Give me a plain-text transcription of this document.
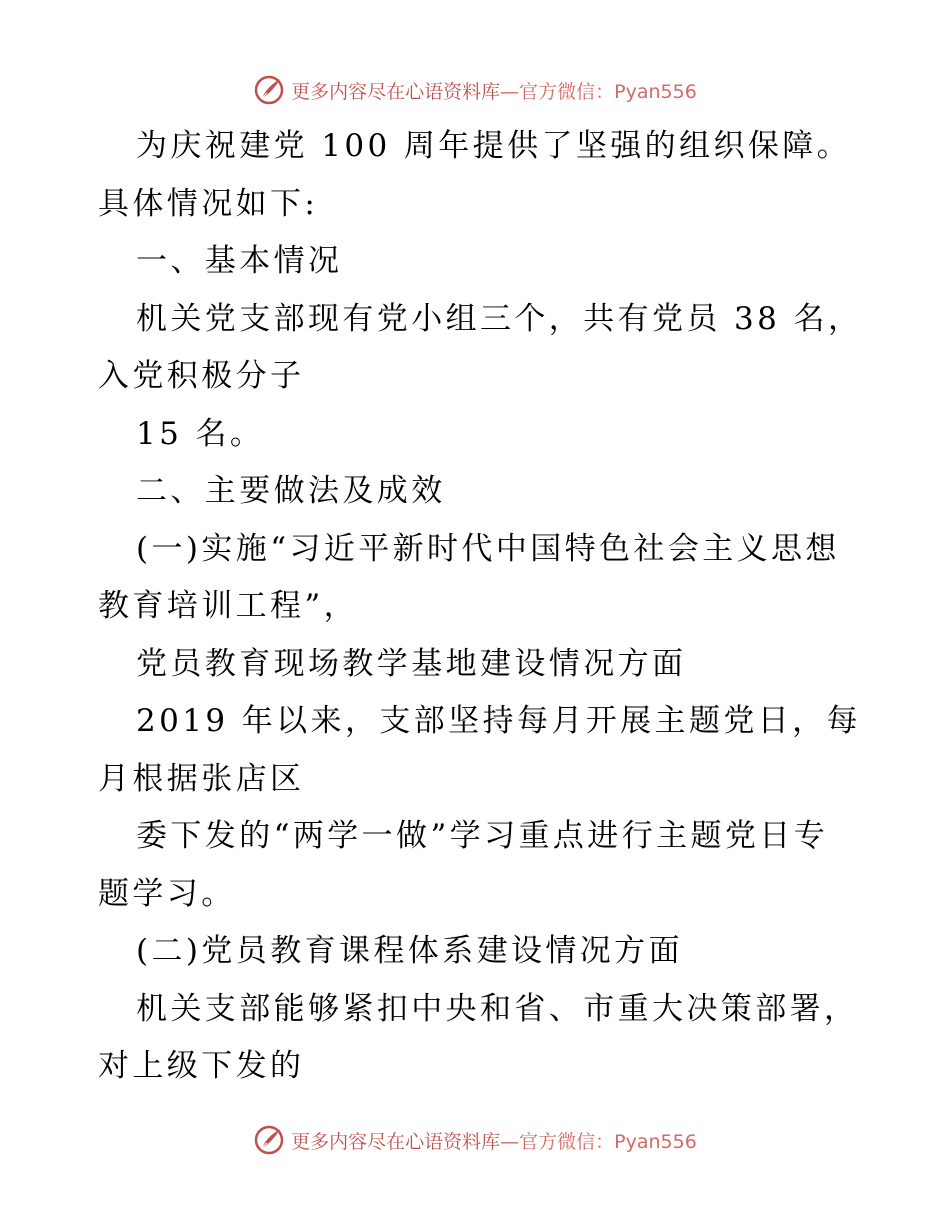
更多内容尽在心语资料库—官方微信：Pyan556
为庆祝建党 100 周年提供了坚强的组织保障。
具体情况如下:
一、基本情况
机关党支部现有党小组三个，共有党员 38 名，
入党积极分子
15 名。
二、主要做法及成效
(一)实施“习近平新时代中国特色社会主义思想
教育培训工程”，
党员教育现场教学基地建设情况方面
2019 年以来，支部坚持每月开展主题党日，每
月根据张店区
委下发的“两学一做”学习重点进行主题党日专
题学习。
(二)党员教育课程体系建设情况方面
机关支部能够紧扣中央和省、市重大决策部署，
对上级下发的
更多内容尽在心语资料库—官方微信：Pyan556
